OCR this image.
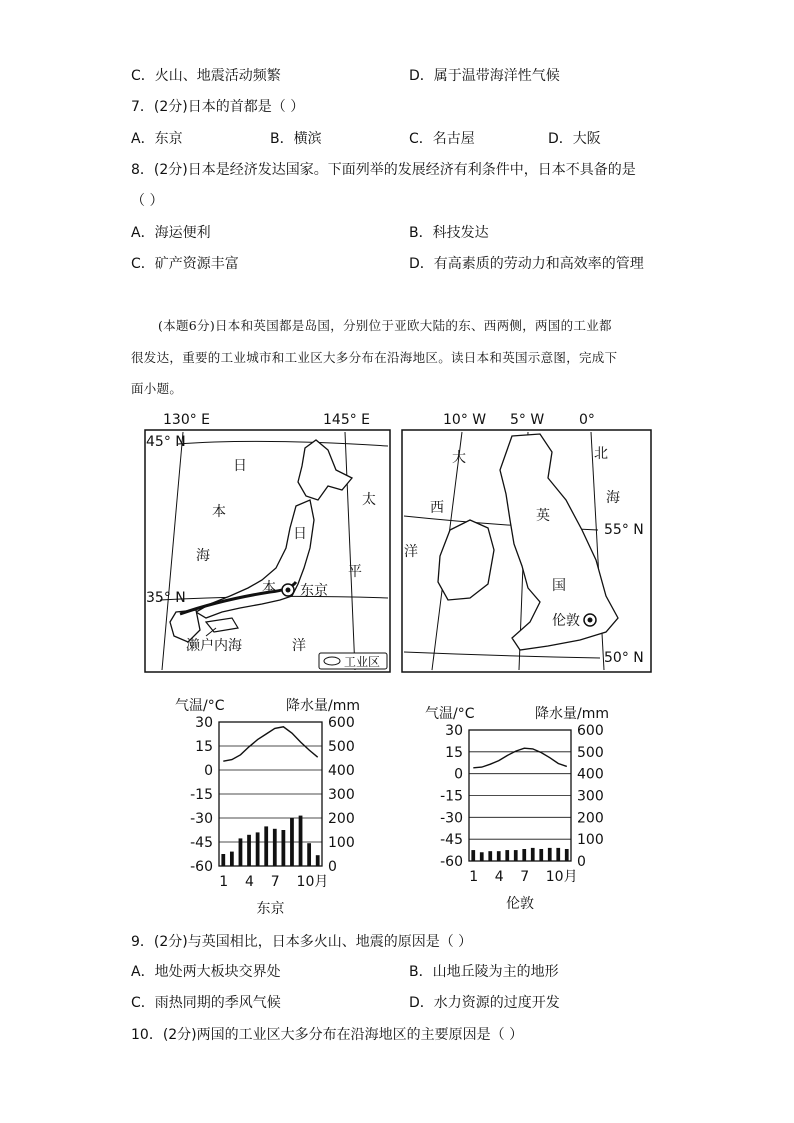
C．火山、地震活动频繁	D．属于温带海洋性气候
7．(2分)日本的首都是（ ）
A．东京	B．横滨	C．名古屋	D．大阪
8．(2分)日本是经济发达国家。下面列举的发展经济有利条件中，日本不具备的是
（ ）
A．海运便利	B．科技发达
C．矿产资源丰富	D．有高素质的劳动力和高效率的管理
(本题6分)日本和英国都是岛国，分别位于亚欧大陆的东、西两侧，两国的工业都
很发达，重要的工业城市和工业区大多分布在沿海地区。读日本和英国示意图，完成下
面小题。
130° E	145° E
45° N
35° N
日
本
海
日
本 东京
太
平
洋
濑户内海
工业区
10° W 5° W 0°
55° N
50° N
大
西
洋
北
海
英
国
伦敦
30
15
0
-15
-30
-45
-60
600
500
400
300
200
100
0
气温/°C	降水量/mm
1 4 7 10月
东京
30
15
0
-15
-30
-45
-60
600
500
400
300
200
100
0
气温/°C	降水量/mm
1 4 7 10月
伦敦
9．(2分)与英国相比，日本多火山、地震的原因是（ ）
A．地处两大板块交界处	B．山地丘陵为主的地形
C．雨热同期的季风气候	D．水力资源的过度开发
10．(2分)两国的工业区大多分布在沿海地区的主要原因是（ ）
